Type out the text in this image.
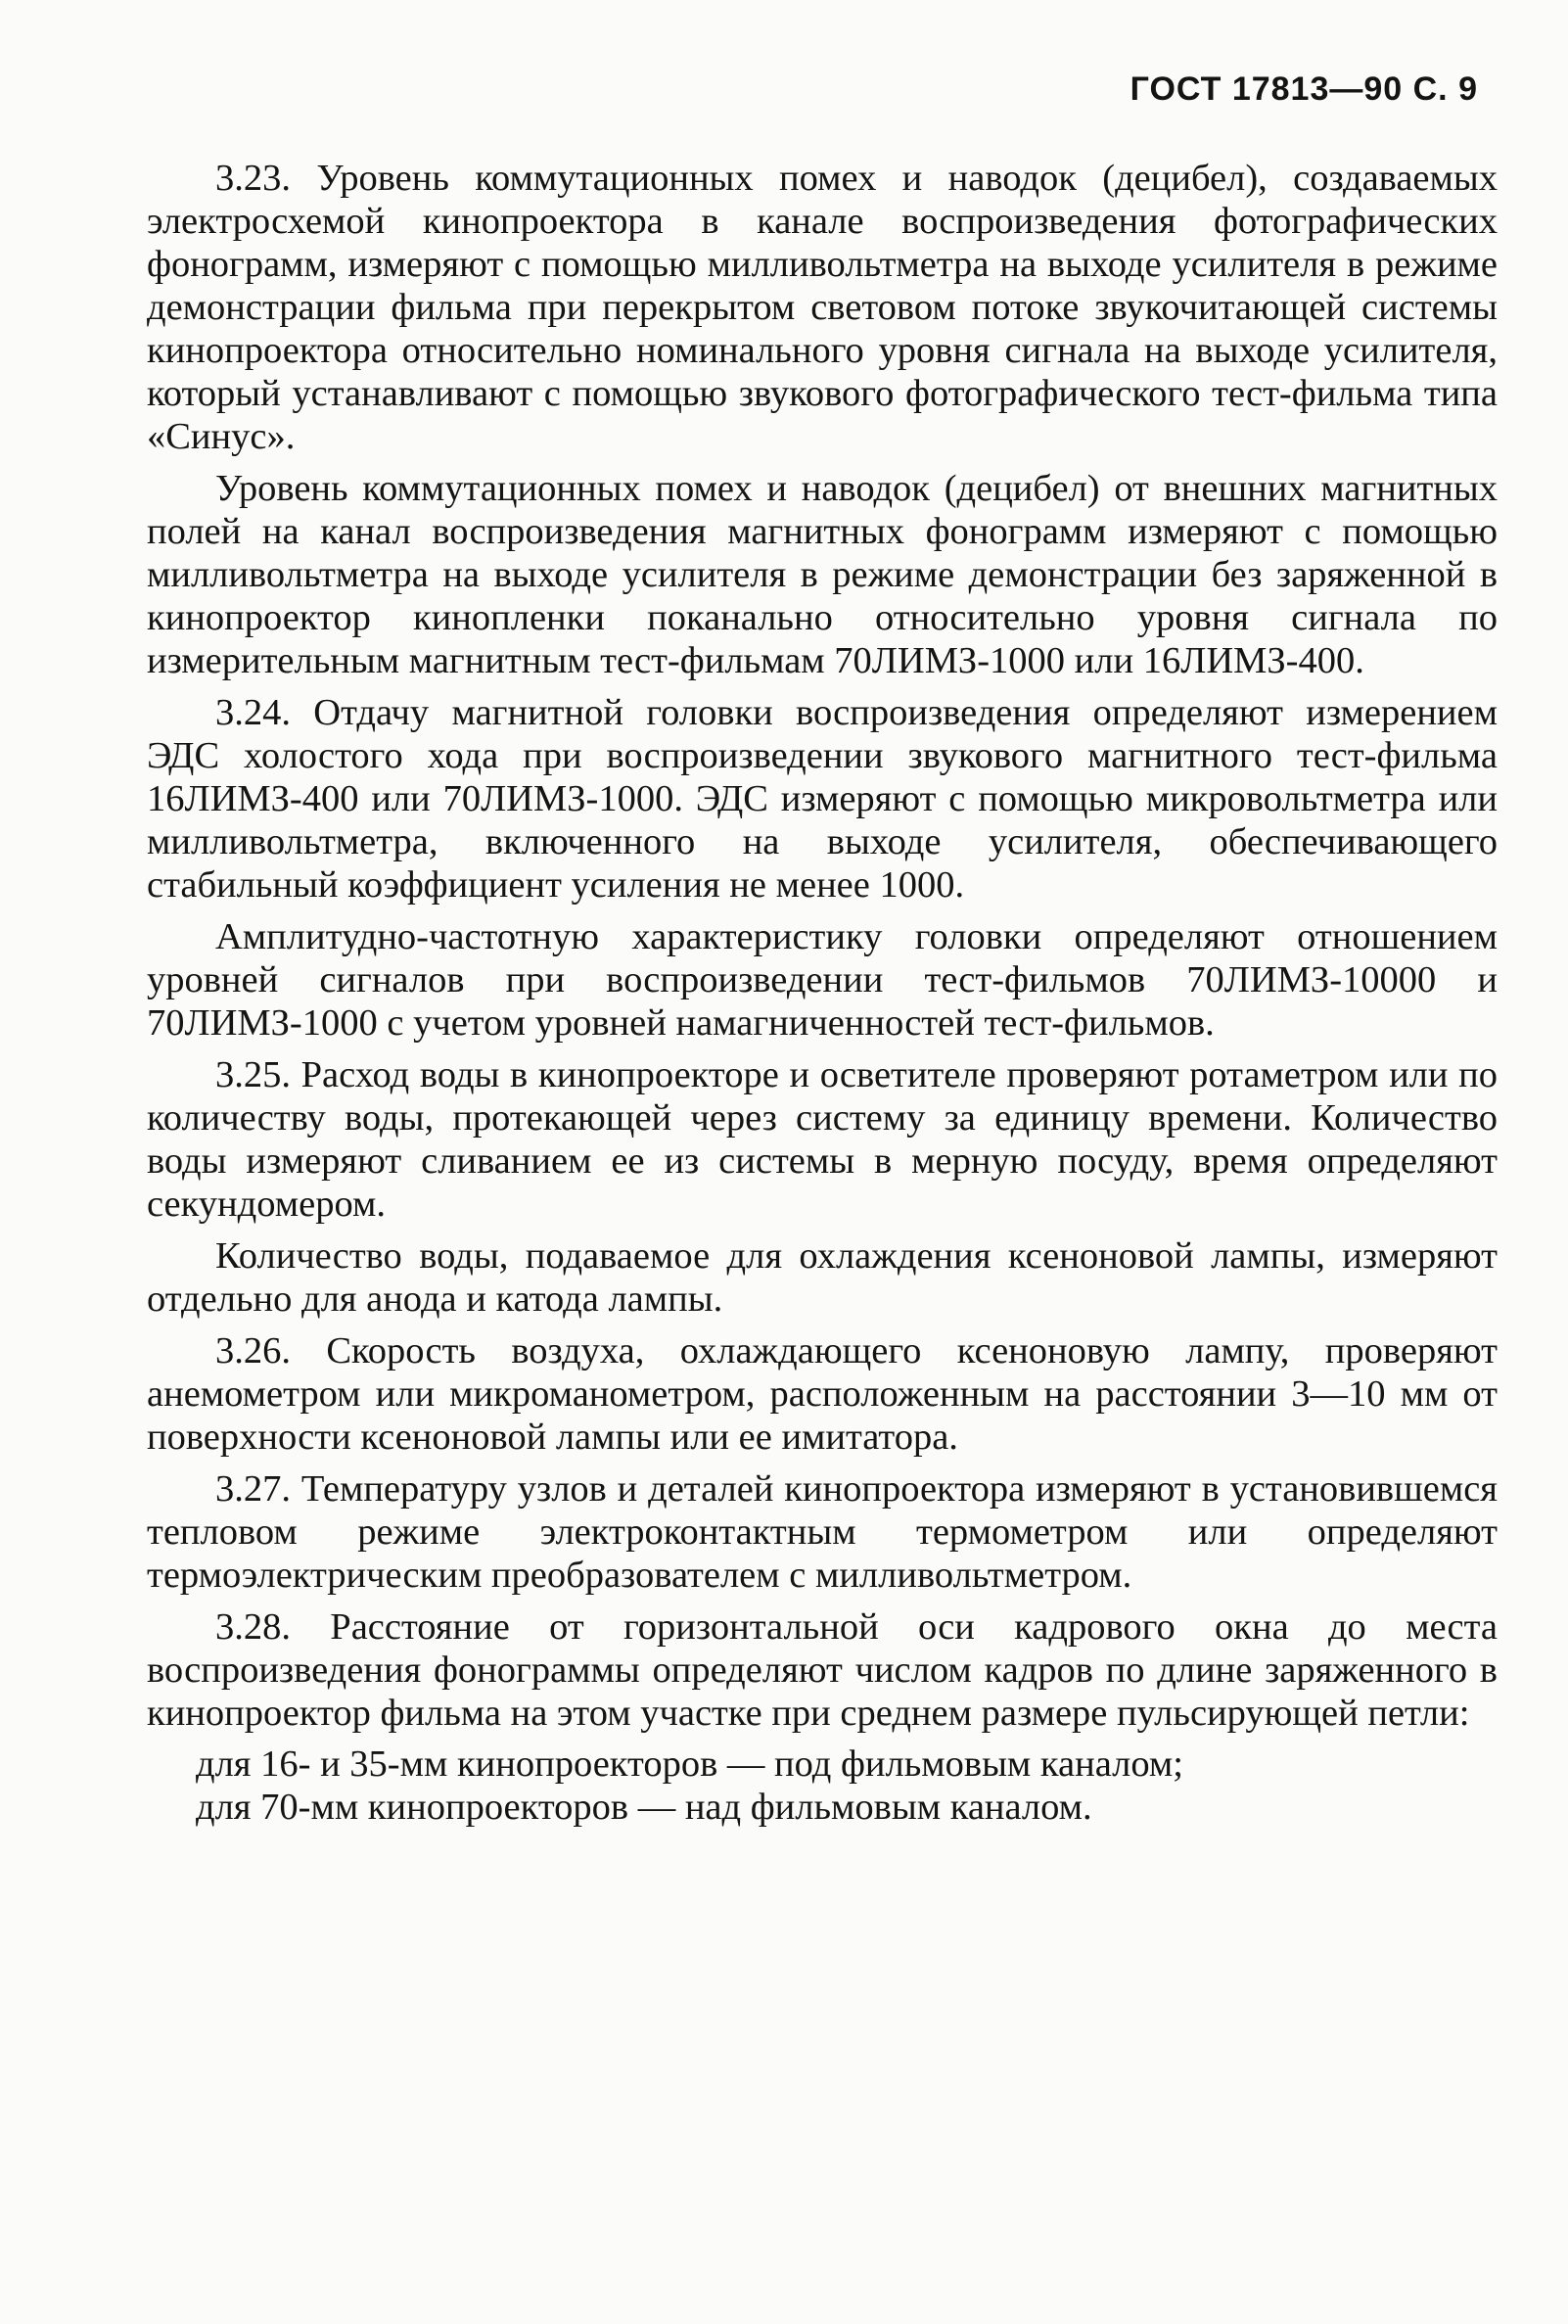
ГОСТ 17813—90 С. 9

3.23. Уровень коммутационных помех и наводок (децибел), создаваемых электросхемой кинопроектора в канале воспроизведения фотографических фонограмм, измеряют с помощью милливольтметра на выходе усилителя в режиме демонстрации фильма при перекрытом световом потоке звукочитающей системы кинопроектора относительно номинального уровня сигнала на выходе усилителя, который устанавливают с помощью звукового фотографического тест-фильма типа «Синус».

Уровень коммутационных помех и наводок (децибел) от внешних магнитных полей на канал воспроизведения магнитных фонограмм измеряют с помощью милливольтметра на выходе усилителя в режиме демонстрации без заряженной в кинопроектор кинопленки поканально относительно уровня сигнала по измерительным магнитным тест-фильмам 70ЛИМЗ-1000 или 16ЛИМЗ-400.

3.24. Отдачу магнитной головки воспроизведения определяют измерением ЭДС холостого хода при воспроизведении звукового магнитного тест-фильма 16ЛИМЗ-400 или 70ЛИМЗ-1000. ЭДС измеряют с помощью микровольтметра или милливольтметра, включенного на выходе усилителя, обеспечивающего стабильный коэффициент усиления не менее 1000.

Амплитудно-частотную характеристику головки определяют отношением уровней сигналов при воспроизведении тест-фильмов 70ЛИМЗ-10000 и 70ЛИМЗ-1000 с учетом уровней намагниченностей тест-фильмов.

3.25. Расход воды в кинопроекторе и осветителе проверяют ротаметром или по количеству воды, протекающей через систему за единицу времени. Количество воды измеряют сливанием ее из системы в мерную посуду, время определяют секундомером.

Количество воды, подаваемое для охлаждения ксеноновой лампы, измеряют отдельно для анода и катода лампы.

3.26. Скорость воздуха, охлаждающего ксеноновую лампу, проверяют анемометром или микроманометром, расположенным на расстоянии 3—10 мм от поверхности ксеноновой лампы или ее имитатора.

3.27. Температуру узлов и деталей кинопроектора измеряют в установившемся тепловом режиме электроконтактным термометром или определяют термоэлектрическим преобразователем с милливольтметром.

3.28. Расстояние от горизонтальной оси кадрового окна до места воспроизведения фонограммы определяют числом кадров по длине заряженного в кинопроектор фильма на этом участке при среднем размере пульсирующей петли:

для 16- и 35-мм кинопроекторов — под фильмовым каналом;

для 70-мм кинопроекторов — над фильмовым каналом.
